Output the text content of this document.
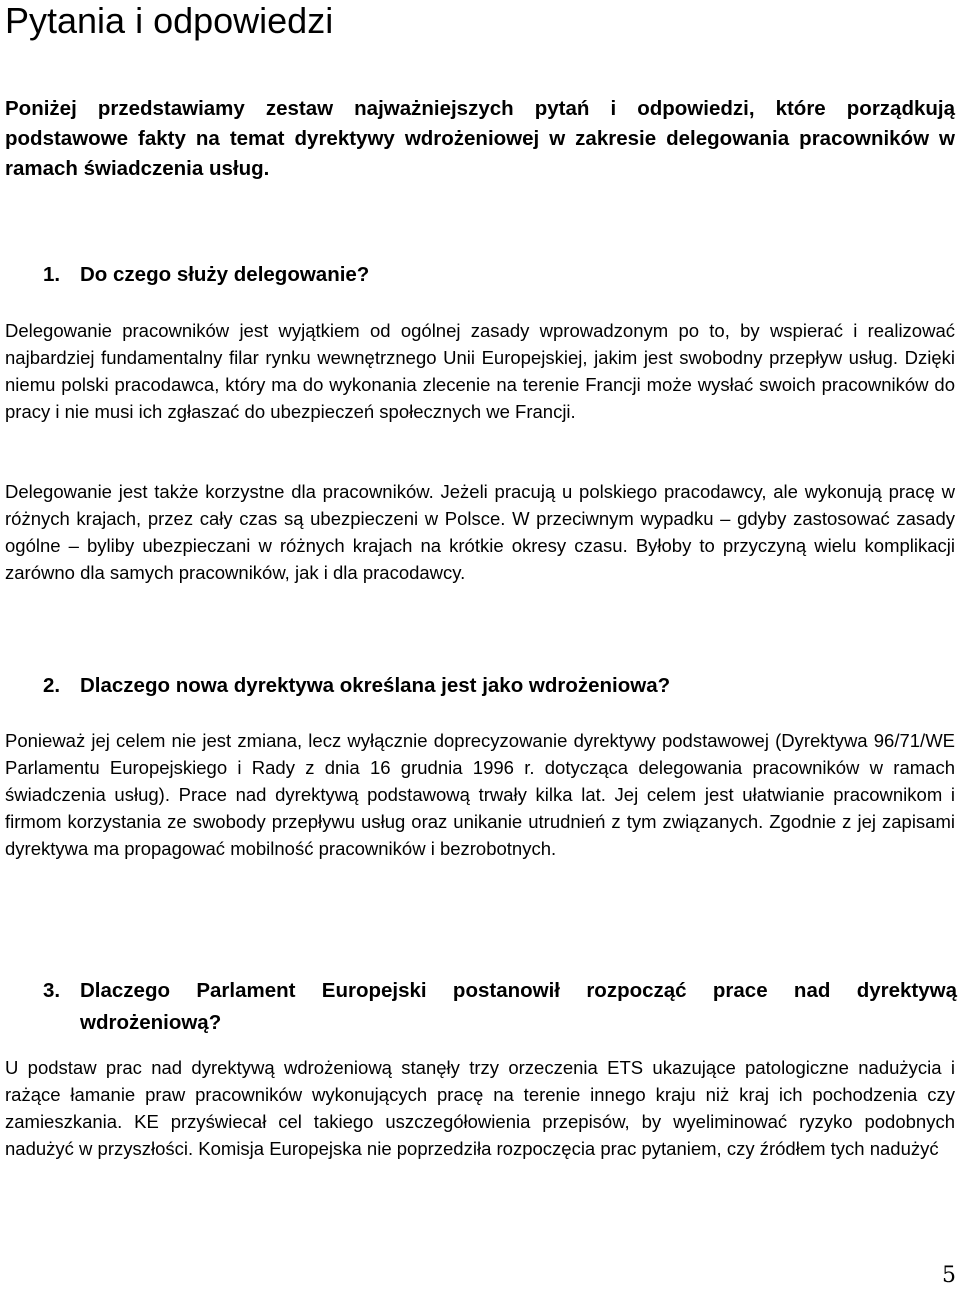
Pytania i odpowiedzi

Poniżej przedstawiamy zestaw najważniejszych pytań i odpowiedzi, które porządkują podstawowe fakty na temat dyrektywy wdrożeniowej w zakresie delegowania pracowników w ramach świadczenia usług.

1. Do czego służy delegowanie?

Delegowanie pracowników jest wyjątkiem od ogólnej zasady wprowadzonym po to, by wspierać i realizować najbardziej fundamentalny filar rynku wewnętrznego Unii Europejskiej, jakim jest swobodny przepływ usług. Dzięki niemu polski pracodawca, który ma do wykonania zlecenie na terenie Francji może wysłać swoich pracowników do pracy i nie musi ich zgłaszać do ubezpieczeń społecznych we Francji.

Delegowanie jest także korzystne dla pracowników. Jeżeli pracują u polskiego pracodawcy, ale wykonują pracę w różnych krajach, przez cały czas są ubezpieczeni w Polsce. W przeciwnym wypadku – gdyby zastosować zasady ogólne – byliby ubezpieczani w różnych krajach na krótkie okresy czasu. Byłoby to przyczyną wielu komplikacji zarówno dla samych pracowników, jak i dla pracodawcy.

2. Dlaczego nowa dyrektywa określana jest jako wdrożeniowa?

Ponieważ jej celem nie jest zmiana, lecz wyłącznie doprecyzowanie dyrektywy podstawowej (Dyrektywa 96/71/WE Parlamentu Europejskiego i Rady z dnia 16 grudnia 1996 r. dotycząca delegowania pracowników w ramach świadczenia usług). Prace nad dyrektywą podstawową trwały kilka lat. Jej celem jest ułatwianie pracownikom i firmom korzystania ze swobody przepływu usług oraz unikanie utrudnień z tym związanych. Zgodnie z jej zapisami dyrektywa ma propagować mobilność pracowników i bezrobotnych.

3. Dlaczego Parlament Europejski postanowił rozpocząć prace nad dyrektywą wdrożeniową?

U podstaw prac nad dyrektywą wdrożeniową stanęły trzy orzeczenia ETS ukazujące patologiczne nadużycia i rażące łamanie praw pracowników wykonujących pracę na terenie innego kraju niż kraj ich pochodzenia czy zamieszkania. KE przyświecał cel takiego uszczegółowienia przepisów, by wyeliminować ryzyko podobnych nadużyć w przyszłości. Komisja Europejska nie poprzedziła rozpoczęcia prac pytaniem, czy źródłem tych nadużyć

5
